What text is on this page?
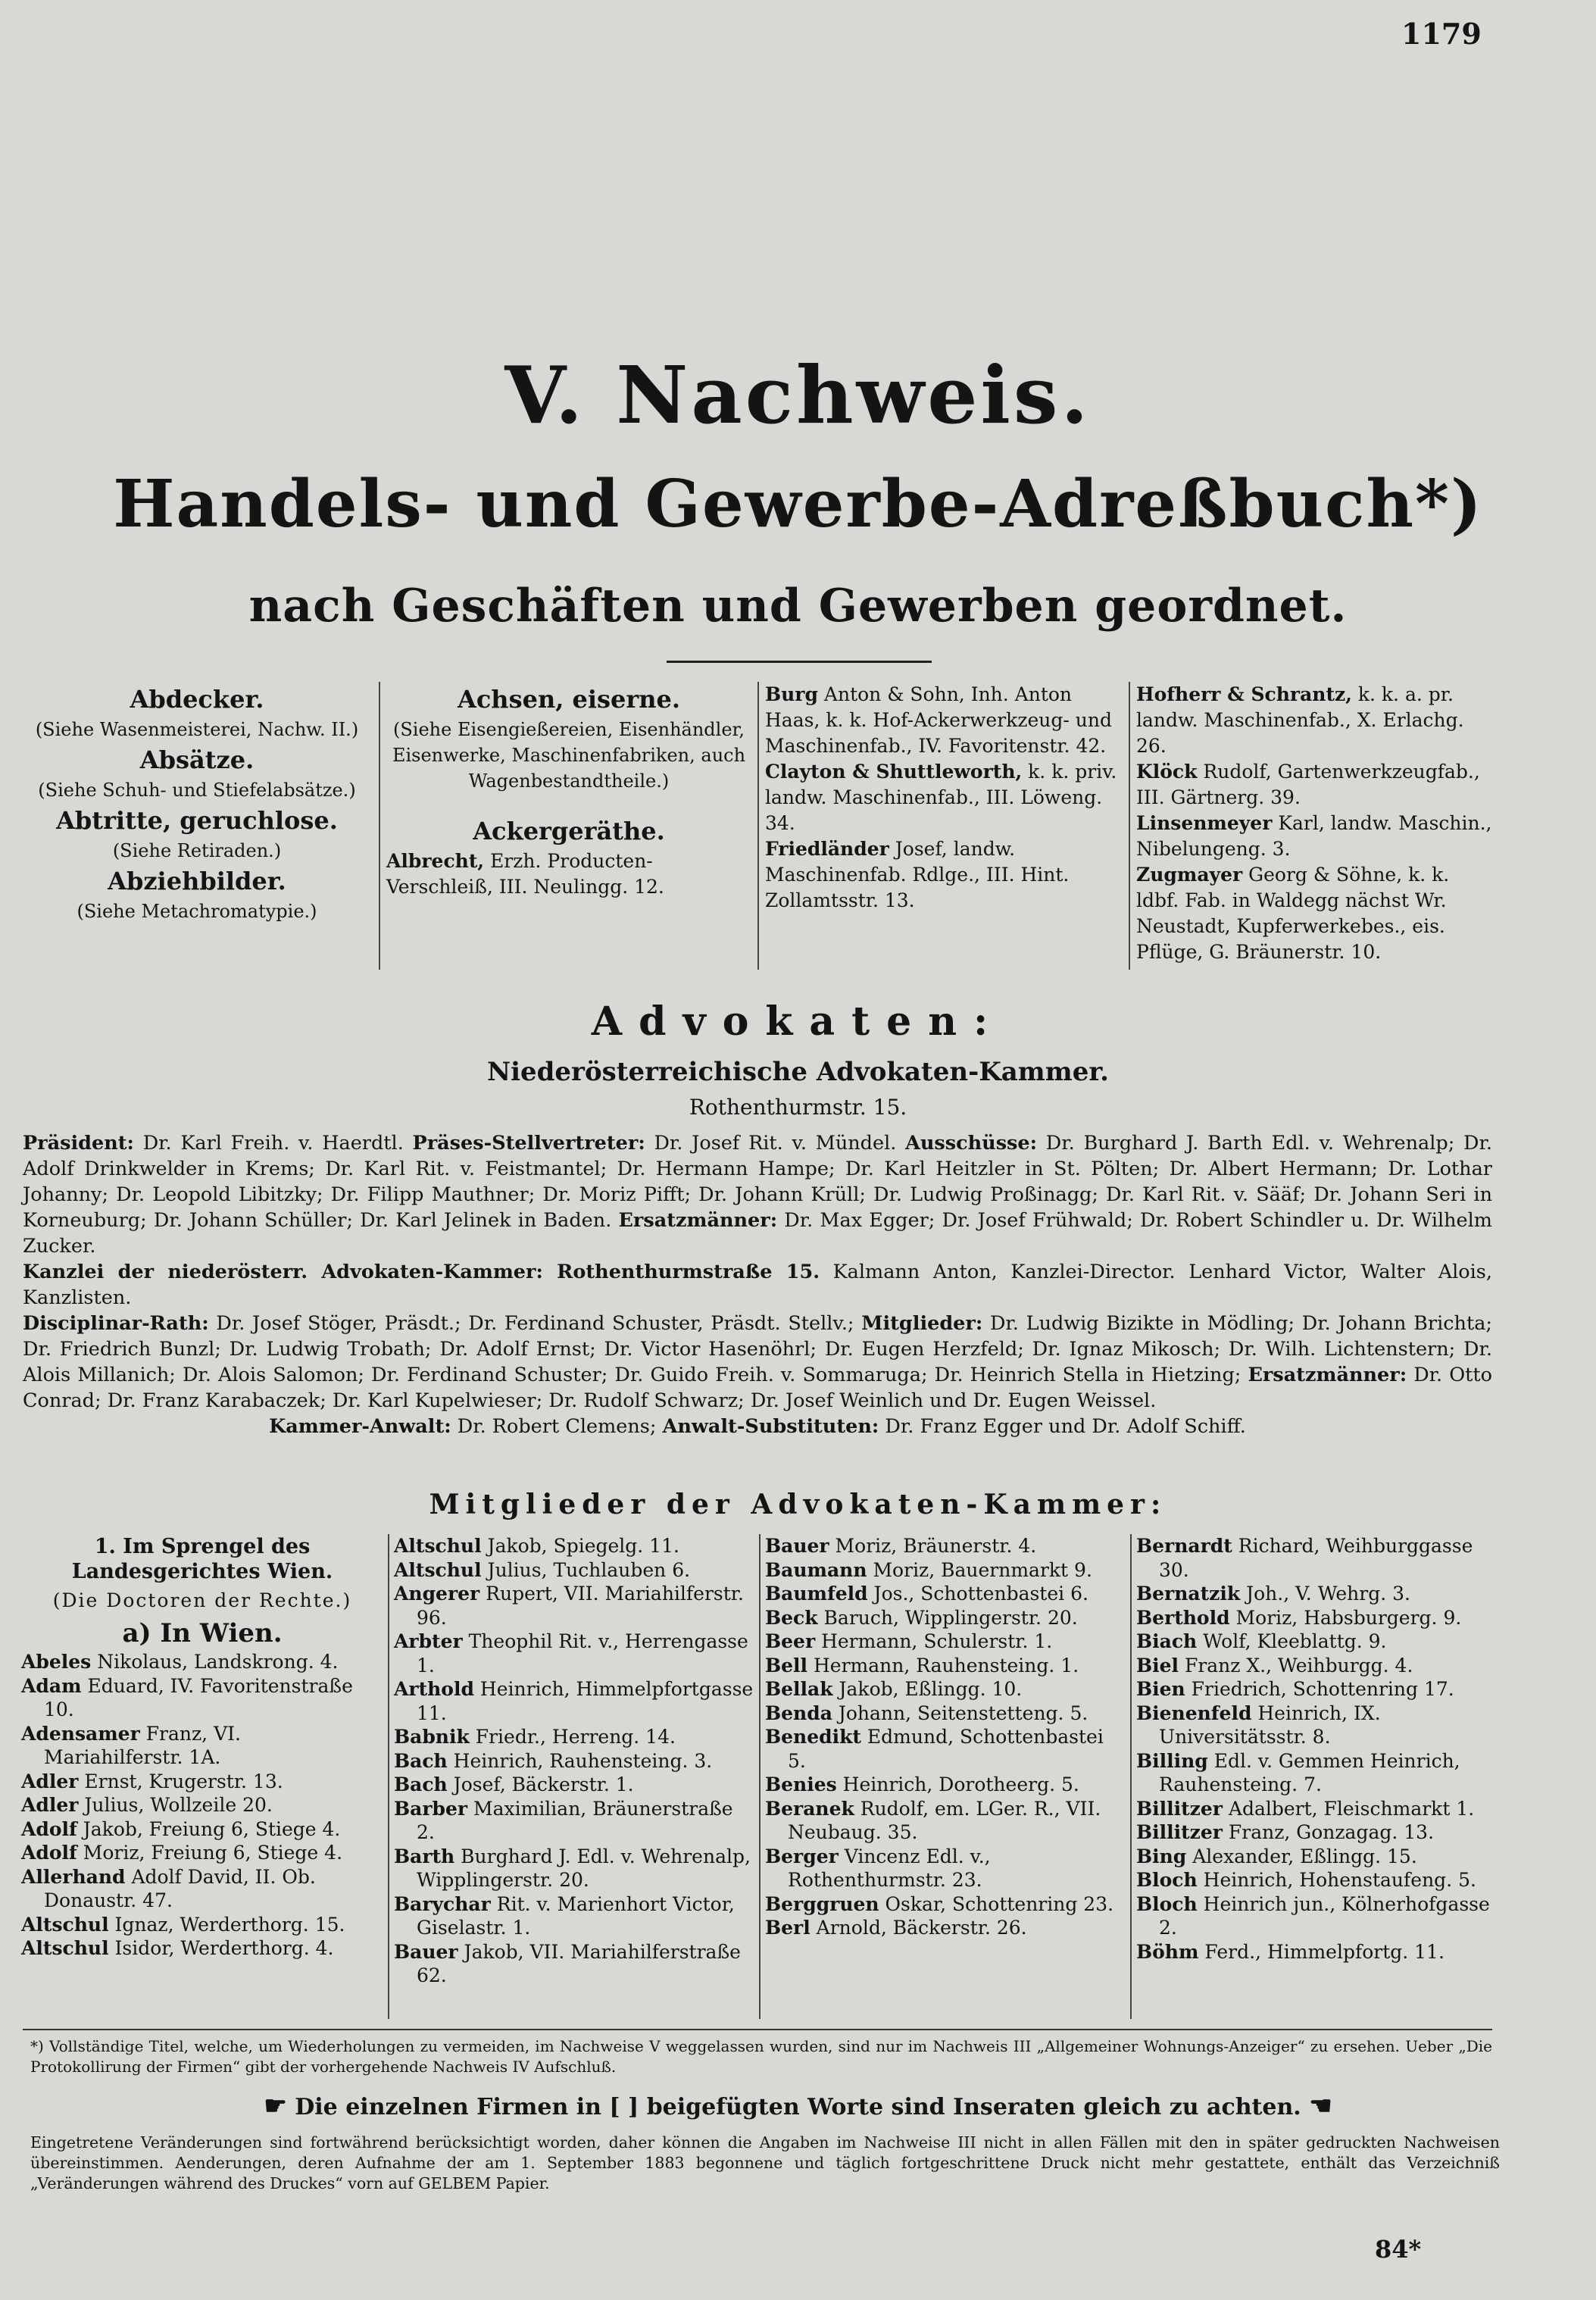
1179
V. Nachweis.
Handels- und Gewerbe-Adreßbuch*)
nach Geschäften und Gewerben geordnet.
Abdecker.
(Siehe Wasenmeisterei, Nachw. II.)
Absätze.
(Siehe Schuh- und Stiefelabsätze.)
Abtritte, geruchlose.
(Siehe Retiraden.)
Abziehbilder.
(Siehe Metachromatypie.)
Achsen, eiserne.
(Siehe Eisengießereien, Eisenhändler, Eisenwerke, Maschinenfabriken, auch Wagenbestandtheile.)
Ackergeräthe.
Albrecht, Erzh. Producten-Verschleiß, III. Neulingg. 12.
Burg Anton & Sohn, Inh. Anton Haas, k. k. Hof-Ackerwerkzeug- und Maschinenfab., IV. Favoritenstr. 42.
Clayton & Shuttleworth, k. k. priv. landw. Maschinenfab., III. Löweng. 34.
Friedländer Josef, landw. Maschinenfab. Rdlge., III. Hint. Zollamtsstr. 13.
Hofherr & Schrantz, k. k. a. pr. landw. Maschinenfab., X. Erlachg. 26.
Klöck Rudolf, Gartenwerkzeugfab., III. Gärtnerg. 39.
Linsenmeyer Karl, landw. Maschin., Nibelungeng. 3.
Zugmayer Georg & Söhne, k. k. ldbf. Fab. in Waldegg nächst Wr. Neustadt, Kupferwerkebes., eis. Pflüge, G. Bräunerstr. 10.
Advokaten:
Niederösterreichische Advokaten-Kammer.
Rothenthurmstr. 15.
Präsident: Dr. Karl Freih. v. Haerdtl. Präses-Stellvertreter: Dr. Josef Rit. v. Mündel. Ausschüsse: Dr. Burghard J. Barth Edl. v. Wehrenalp; Dr. Adolf Drinkwelder in Krems; Dr. Karl Rit. v. Feistmantel; Dr. Hermann Hampe; Dr. Karl Heitzler in St. Pölten; Dr. Albert Hermann; Dr. Lothar Johanny; Dr. Leopold Libitzky; Dr. Filipp Mauthner; Dr. Moriz Pifft; Dr. Johann Krüll; Dr. Ludwig Proßinagg; Dr. Karl Rit. v. Sääf; Dr. Johann Seri in Korneuburg; Dr. Johann Schüller; Dr. Karl Jelinek in Baden. Ersatzmänner: Dr. Max Egger; Dr. Josef Frühwald; Dr. Robert Schindler u. Dr. Wilhelm Zucker.
Kanzlei der niederösterr. Advokaten-Kammer: Rothenthurmstraße 15. Kalmann Anton, Kanzlei-Director. Lenhard Victor, Walter Alois, Kanzlisten.
Disciplinar-Rath: Dr. Josef Stöger, Präsdt.; Dr. Ferdinand Schuster, Präsdt. Stellv.; Mitglieder: Dr. Ludwig Bizikte in Mödling; Dr. Johann Brichta; Dr. Friedrich Bunzl; Dr. Ludwig Trobath; Dr. Adolf Ernst; Dr. Victor Hasenöhrl; Dr. Eugen Herzfeld; Dr. Ignaz Mikosch; Dr. Wilh. Lichtenstern; Dr. Alois Millanich; Dr. Alois Salomon; Dr. Ferdinand Schuster; Dr. Guido Freih. v. Sommaruga; Dr. Heinrich Stella in Hietzing; Ersatzmänner: Dr. Otto Conrad; Dr. Franz Karabaczek; Dr. Karl Kupelwieser; Dr. Rudolf Schwarz; Dr. Josef Weinlich und Dr. Eugen Weissel.
Kammer-Anwalt: Dr. Robert Clemens; Anwalt-Substituten: Dr. Franz Egger und Dr. Adolf Schiff.
Mitglieder der Advokaten-Kammer:
1. Im Sprengel des Landesgerichtes Wien.
(Die Doctoren der Rechte.)
a) In Wien.
Abeles Nikolaus, Landskrong. 4.
Adam Eduard, IV. Favoritenstraße 10.
Adensamer Franz, VI. Mariahilferstr. 1A.
Adler Ernst, Krugerstr. 13.
Adler Julius, Wollzeile 20.
Adolf Jakob, Freiung 6, Stiege 4.
Adolf Moriz, Freiung 6, Stiege 4.
Allerhand Adolf David, II. Ob. Donaustr. 47.
Altschul Ignaz, Werderthorg. 15.
Altschul Isidor, Werderthorg. 4.
Altschul Jakob, Spiegelg. 11.
Altschul Julius, Tuchlauben 6.
Angerer Rupert, VII. Mariahilferstr. 96.
Arbter Theophil Rit. v., Herrengasse 1.
Arthold Heinrich, Himmelpfortgasse 11.
Babnik Friedr., Herreng. 14.
Bach Heinrich, Rauhensteing. 3.
Bach Josef, Bäckerstr. 1.
Barber Maximilian, Bräunerstraße 2.
Barth Burghard J. Edl. v. Wehrenalp, Wipplingerstr. 20.
Barychar Rit. v. Marienhort Victor, Giselastr. 1.
Bauer Jakob, VII. Mariahilferstraße 62.
Bauer Moriz, Bräunerstr. 4.
Baumann Moriz, Bauernmarkt 9.
Baumfeld Jos., Schottenbastei 6.
Beck Baruch, Wipplingerstr. 20.
Beer Hermann, Schulerstr. 1.
Bell Hermann, Rauhensteing. 1.
Bellak Jakob, Eßlingg. 10.
Benda Johann, Seitenstetteng. 5.
Benedikt Edmund, Schottenbastei 5.
Benies Heinrich, Dorotheerg. 5.
Beranek Rudolf, em. LGer. R., VII. Neubaug. 35.
Berger Vincenz Edl. v., Rothenthurmstr. 23.
Berggruen Oskar, Schottenring 23.
Berl Arnold, Bäckerstr. 26.
Bernardt Richard, Weihburggasse 30.
Bernatzik Joh., V. Wehrg. 3.
Berthold Moriz, Habsburgerg. 9.
Biach Wolf, Kleeblattg. 9.
Biel Franz X., Weihburgg. 4.
Bien Friedrich, Schottenring 17.
Bienenfeld Heinrich, IX. Universitätsstr. 8.
Billing Edl. v. Gemmen Heinrich, Rauhensteing. 7.
Billitzer Adalbert, Fleischmarkt 1.
Billitzer Franz, Gonzagag. 13.
Bing Alexander, Eßlingg. 15.
Bloch Heinrich, Hohenstaufeng. 5.
Bloch Heinrich jun., Kölnerhofgasse 2.
Böhm Ferd., Himmelpfortg. 11.
*) Vollständige Titel, welche, um Wiederholungen zu vermeiden, im Nachweise V weggelassen wurden, sind nur im Nachweis III „Allgemeiner Wohnungs-Anzeiger“ zu ersehen. Ueber „Die Protokollirung der Firmen“ gibt der vorhergehende Nachweis IV Aufschluß.
☛ Die einzelnen Firmen in [ ] beigefügten Worte sind Inseraten gleich zu achten. ☚
Eingetretene Veränderungen sind fortwährend berücksichtigt worden, daher können die Angaben im Nachweise III nicht in allen Fällen mit den in später gedruckten Nachweisen übereinstimmen. Aenderungen, deren Aufnahme der am 1. September 1883 begonnene und täglich fortgeschrittene Druck nicht mehr gestattete, enthält das Verzeichniß „Veränderungen während des Druckes“ vorn auf GELBEM Papier.
84*
